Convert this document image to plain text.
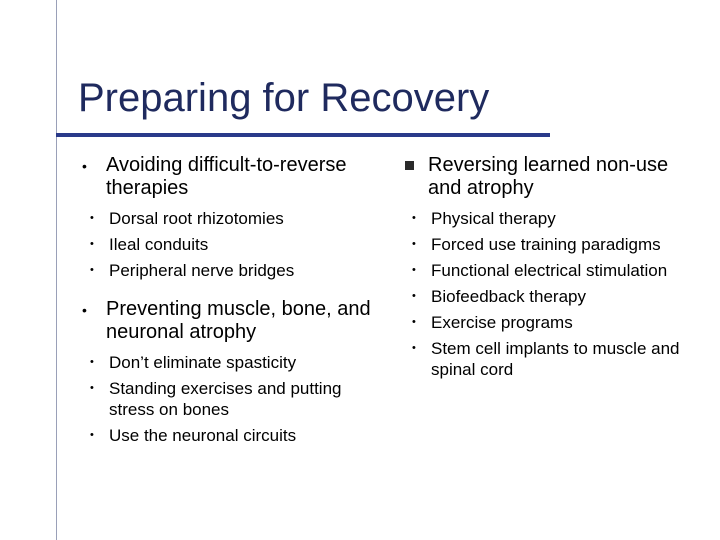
Preparing for Recovery
• Avoiding difficult-to-reverse therapies
• Dorsal root rhizotomies
• Ileal conduits
• Peripheral nerve bridges
• Preventing muscle, bone, and neuronal atrophy
• Don’t eliminate spasticity
• Standing exercises and putting stress on bones
• Use the neuronal circuits
Reversing learned non-use and atrophy
• Physical therapy
• Forced use training paradigms
• Functional electrical stimulation
• Biofeedback therapy
• Exercise programs
• Stem cell implants to muscle and spinal cord
